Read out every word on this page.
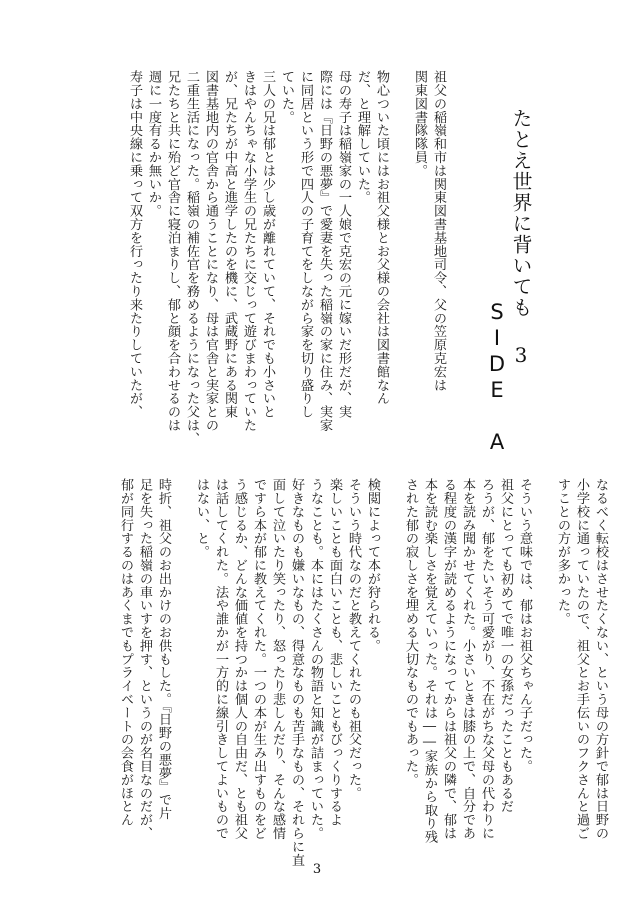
たとえ世界に背いても 3
SIDE A
祖父の稲嶺和市は関東図書基地司令、父の笠原克宏は
関東図書隊隊員。

物心ついた頃にはお祖父様とお父様の会社は図書館なん
だ、と理解していた。
母の寿子は稲嶺家の一人娘で克宏の元に嫁いだ形だが、実
際には『日野の悪夢』で愛妻を失った稲嶺の家に住み、実家
に同居という形で四人の子育てをしながら家を切り盛りし
ていた。
三人の兄は郁とは少し歳が離れていて、それでも小さいと
きはやんちゃな小学生の兄たちに交じって遊びまわっていた
が、兄たちが中高と進学したのを機に、武蔵野にある関東
図書基地内の官舎から通うことになり、母は官舎と実家との
二重生活になった。稲嶺の補佐官を務めるようになった父は、
兄たちと共に殆ど官舎に寝泊まりし、郁と顔を合わせるのは
週に一度有るか無いか。
寿子は中央線に乗って双方を行ったり来たりしていたが、
なるべく転校はさせたくない、という母の方針で郁は日野の
小学校に通っていたので、祖父とお手伝いのフクさんと過ご
すことの方が多かった。

そういう意味では、郁はお祖父ちゃん子だった。
祖父にとっても初めてで唯一の女孫だったこともあるだ
ろうが、郁をたいそう可愛がり、不在がちな父母の代わりに
本を読み聞かせてくれた。小さいときは膝の上で、自分であ
る程度の漢字が読めるようになってからは祖父の隣で、郁は
本を読む楽しさを覚えていった。それは――家族から取り残
された郁の寂しさを埋める大切なものでもあった。

検閲によって本が狩られる。
そういう時代なのだと教えてくれたのも祖父だった。
楽しいことも面白いことも、悲しいこともびっくりするよ
うなことも。本にはたくさんの物語と知識が詰まっていた。
好きなものも嫌いなもの、得意なものも苦手なもの、それらに直
面して泣いたり笑ったり、怒ったり悲しんだり、そんな感情
ですら本が郁に教えてくれた。一つの本が生み出すものをど
う感じるか、どんな価値を持つかは個人の自由だ、とも祖父
は話してくれた。法や誰かが一方的に線引きしてよいもので
はない、と。

時折、祖父のお出かけのお供もした。『日野の悪夢』で片
足を失った稲嶺の車いすを押す、というのが名目なのだが、
郁が同行するのはあくまでもプライベートの会食がほとん
3
